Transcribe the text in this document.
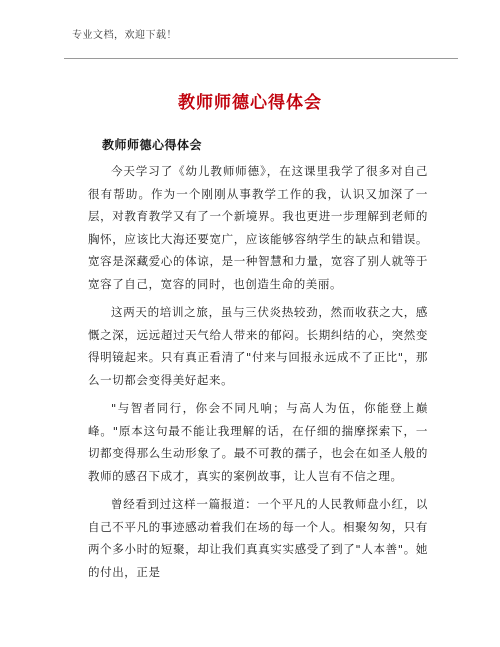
专业文档，欢迎下载！
教师师德心得体会
教师师德心得体会

今天学习了《幼儿教师师德》，在这课里我学了很多对自己很有帮助。作为一个刚刚从事教学工作的我，认识又加深了一层，对教育教学又有了一个新境界。我也更进一步理解到老师的胸怀，应该比大海还要宽广，应该能够容纳学生的缺点和错误。宽容是深藏爱心的体谅，是一种智慧和力量，宽容了别人就等于宽容了自己，宽容的同时，也创造生命的美丽。

这两天的培训之旅，虽与三伏炎热较劲，然而收获之大，感慨之深，远远超过天气给人带来的郁闷。长期纠结的心，突然变得明镜起来。只有真正看清了"付来与回报永远成不了正比"，那么一切都会变得美好起来。

"与智者同行，你会不同凡响；与高人为伍，你能登上巅峰。"原本这句最不能让我理解的话，在仔细的揣摩探索下，一切都变得那么生动形象了。最不可教的孺子，也会在如圣人般的教师的感召下成才，真实的案例故事，让人岂有不信之理。

曾经看到过这样一篇报道：一个平凡的人民教师盘小红，以自己不平凡的事迹感动着我们在场的每一个人。相聚匆匆，只有两个多小时的短聚，却让我们真真实实感受了到了"人本善"。她的付出，正是
